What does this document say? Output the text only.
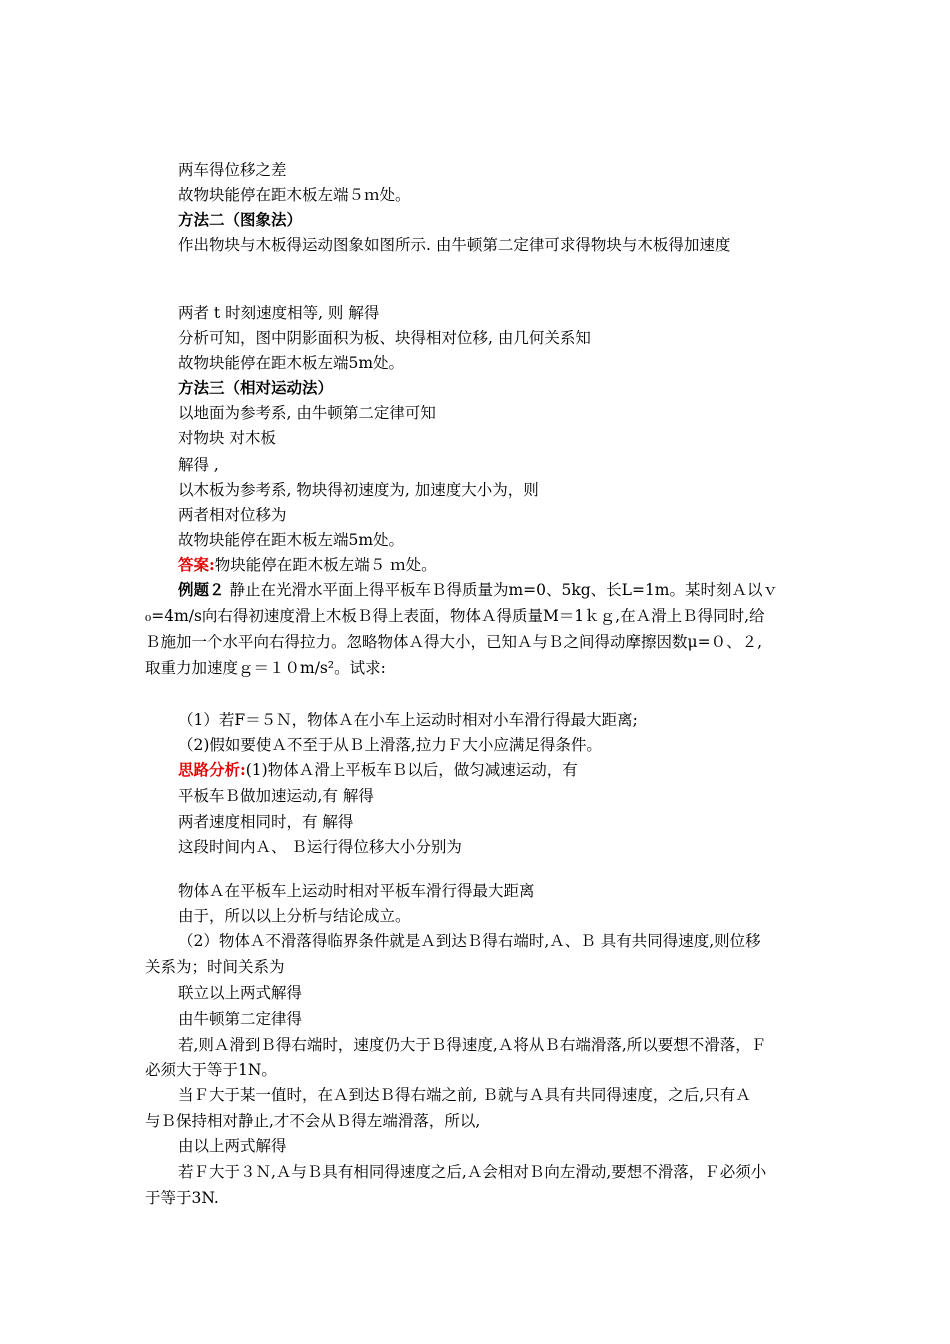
两车得位移之差
故物块能停在距木板左端５ｍ处。
方法二（图象法）
作出物块与木板得运动图象如图所示. 由牛顿第二定律可求得物块与木板得加速度
两者 t 时刻速度相等, 则 解得
分析可知，图中阴影面积为板、块得相对位移, 由几何关系知
故物块能停在距木板左端5m处。
方法三（相对运动法）
以地面为参考系, 由牛顿第二定律可知
对物块 对木板
解得 ,
以木板为参考系, 物块得初速度为, 加速度大小为，则
两者相对位移为
故物块能停在距木板左端5m处。
答案:物块能停在距木板左端５ ｍ处。
例题２ 静止在光滑水平面上得平板车Ｂ得质量为m=0、5kg、长L=1m。某时刻Ａ以ｖ
₀=4m/s向右得初速度滑上木板Ｂ得上表面，物体Ａ得质量M＝1ｋｇ,在Ａ滑上Ｂ得同时,给
Ｂ施加一个水平向右得拉力。忽略物体Ａ得大小，已知Ａ与Ｂ之间得动摩擦因数μ=０、２,
取重力加速度ｇ＝１０m/s²。试求:
（1）若F＝５Ｎ，物体Ａ在小车上运动时相对小车滑行得最大距离;
（2)假如要使Ａ不至于从Ｂ上滑落,拉力Ｆ大小应满足得条件。
思路分析:(1)物体Ａ滑上平板车Ｂ以后，做匀减速运动，有
平板车Ｂ做加速运动,有 解得
两者速度相同时，有 解得
这段时间内Ａ、 Ｂ运行得位移大小分别为
物体Ａ在平板车上运动时相对平板车滑行得最大距离
由于，所以以上分析与结论成立。
（2）物体Ａ不滑落得临界条件就是Ａ到达Ｂ得右端时,Ａ、Ｂ 具有共同得速度,则位移
关系为；时间关系为
联立以上两式解得
由牛顿第二定律得
若,则Ａ滑到Ｂ得右端时，速度仍大于Ｂ得速度,Ａ将从Ｂ右端滑落,所以要想不滑落，Ｆ
必须大于等于1N。
当Ｆ大于某一值时，在Ａ到达Ｂ得右端之前, Ｂ就与Ａ具有共同得速度，之后,只有Ａ
与Ｂ保持相对静止,才不会从Ｂ得左端滑落，所以,
由以上两式解得
若Ｆ大于３Ｎ,Ａ与Ｂ具有相同得速度之后,Ａ会相对Ｂ向左滑动,要想不滑落，Ｆ必须小
于等于3N.
